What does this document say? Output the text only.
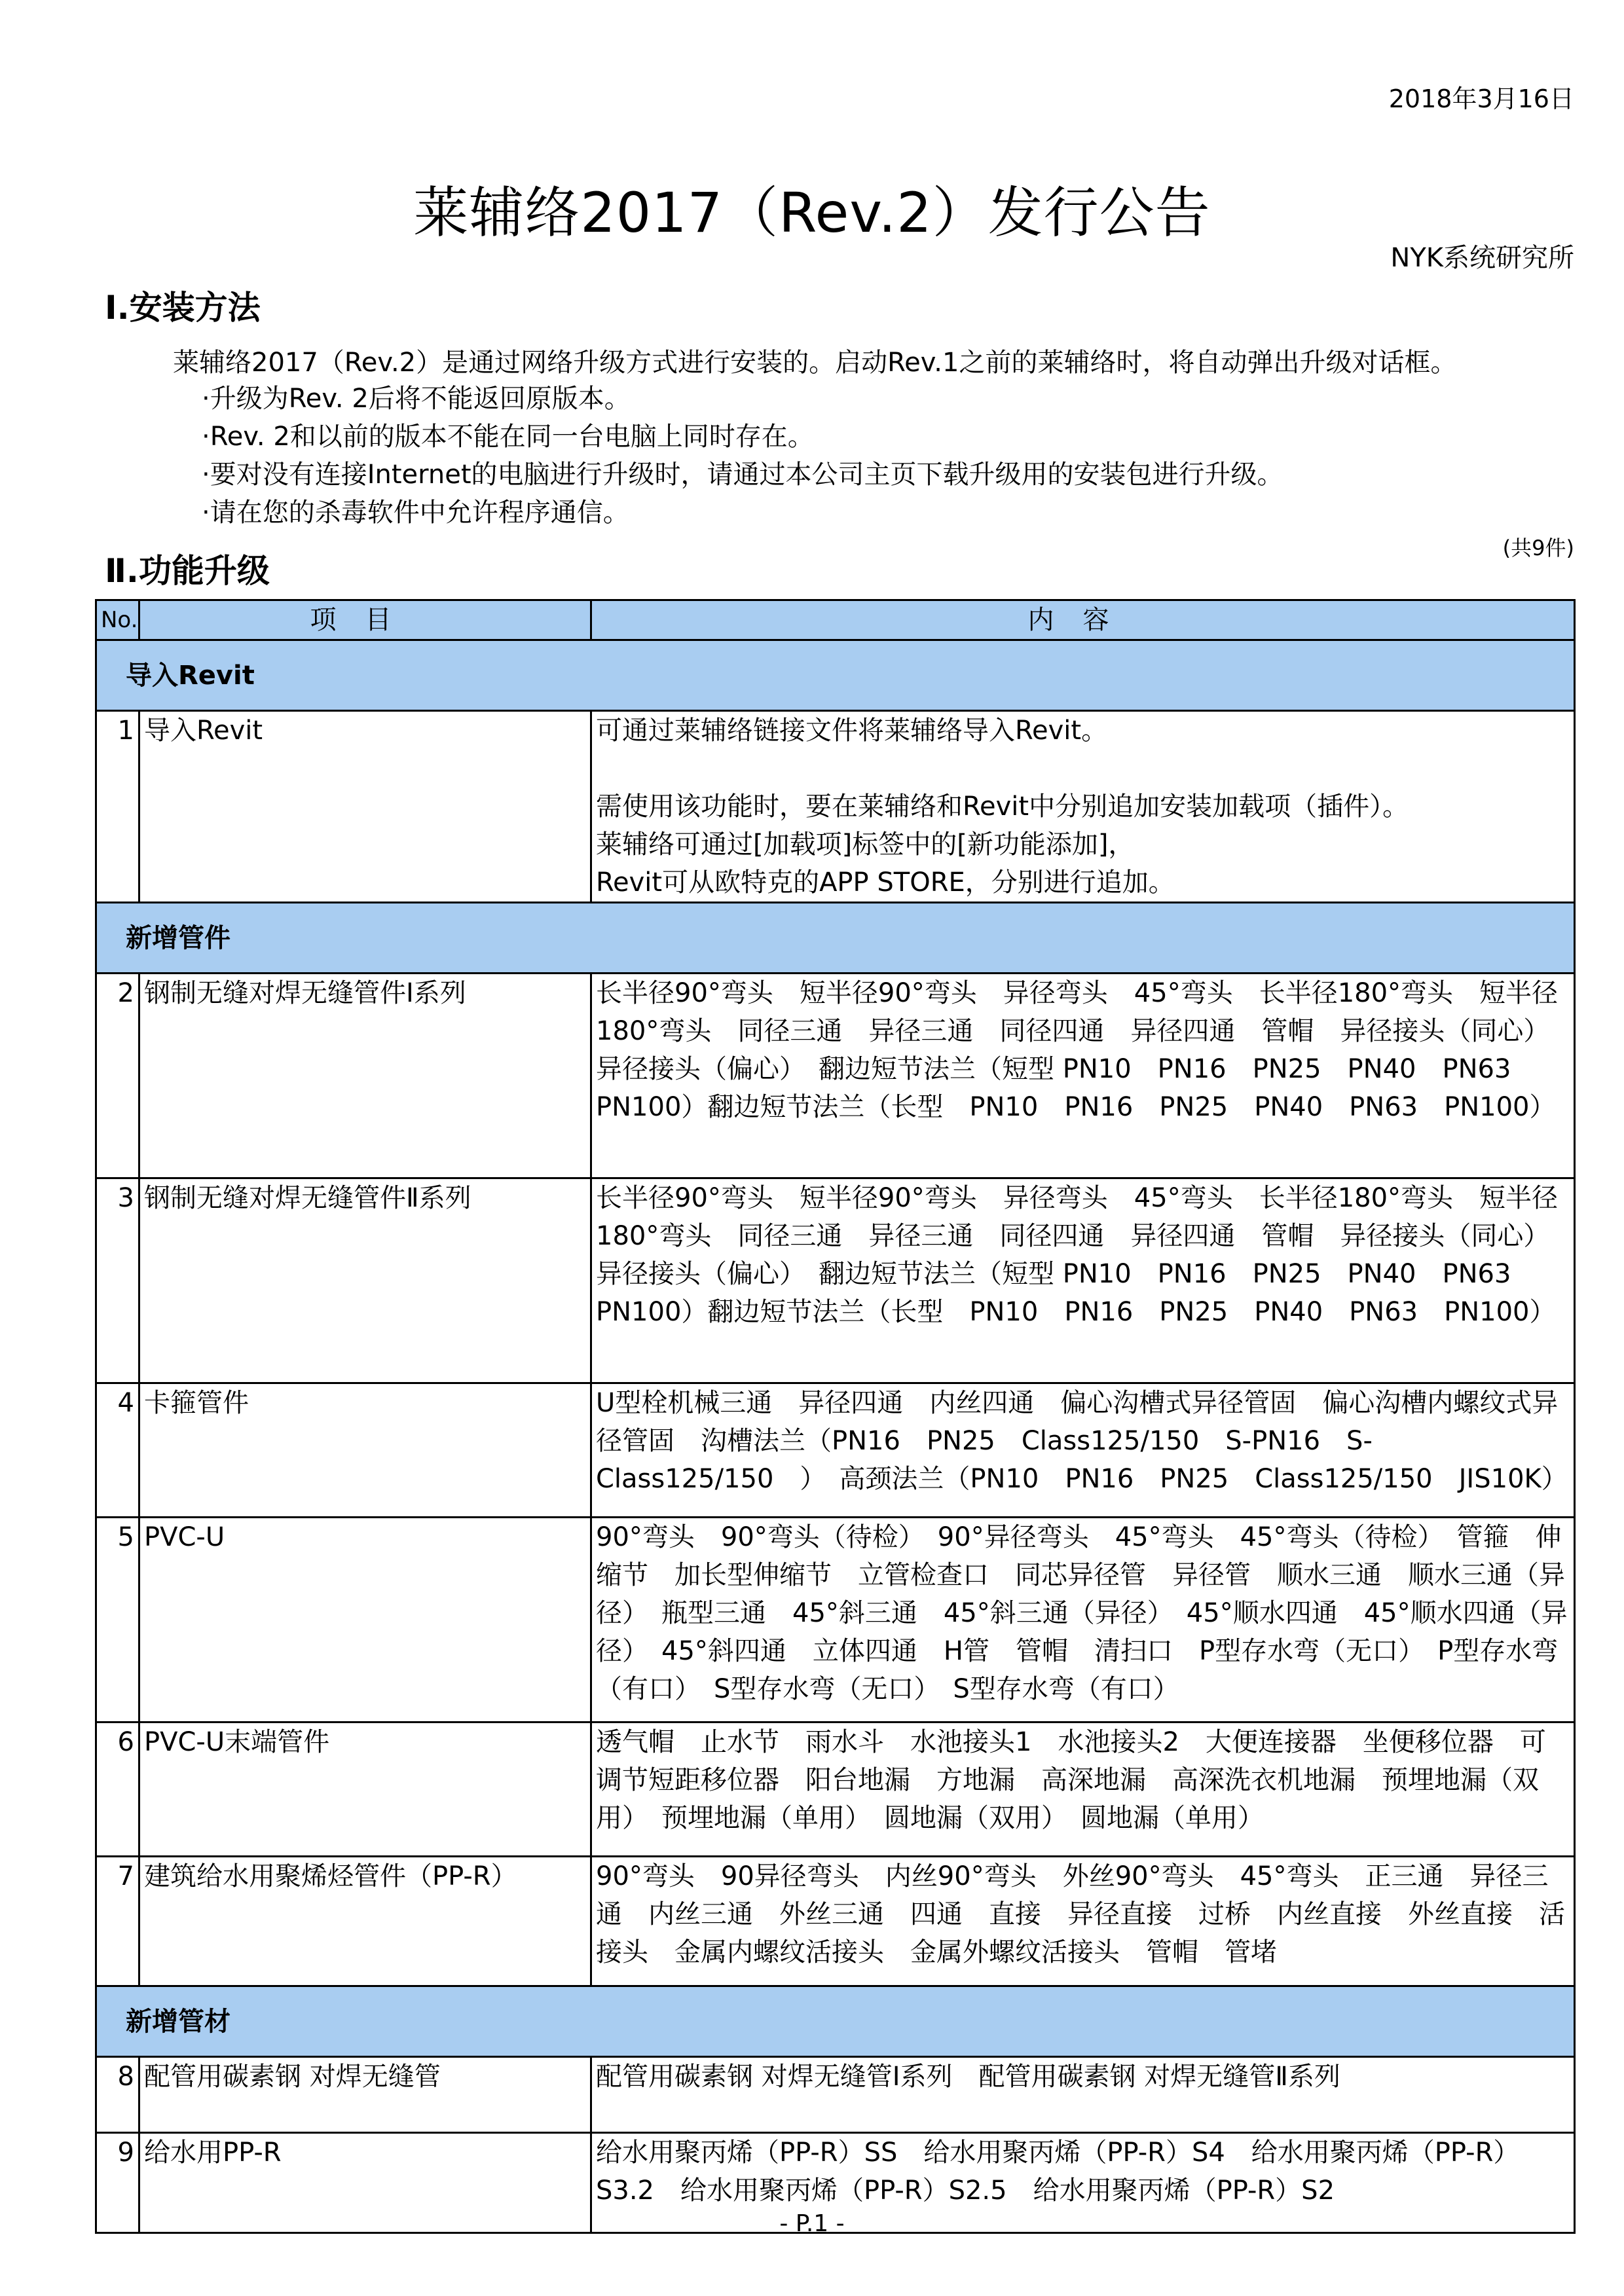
2018年3月16日
莱辅络2017（Rev.2）发行公告
NYK系统研究所
Ⅰ.安装方法
莱辅络2017（Rev.2）是通过网络升级方式进行安装的。启动Rev.1之前的莱辅络时，将自动弹出升级对话框。
·升级为Rev. 2后将不能返回原版本。
·Rev. 2和以前的版本不能在同一台电脑上同时存在。
·要对没有连接Internet的电脑进行升级时，请通过本公司主页下载升级用的安装包进行升级。
·请在您的杀毒软件中允许程序通信。
Ⅱ.功能升级
(共9件)
No.	项目	内容
导入Revit		
1	导入Revit	可通过莱辅络链接文件将莱辅络导入Revit。
需使用该功能时，要在莱辅络和Revit中分别追加安装加载项（插件）。
莱辅络可通过[加载项]标签中的[新功能添加]，
Revit可从欧特克的APP STORE，分别进行追加。

新增管件		
2	钢制无缝对焊无缝管件Ⅰ系列	长半径90°弯头　短半径90°弯头　异径弯头　45°弯头　长半径180°弯头　短半径180°弯头　同径三通　异径三通　同径四通　异径四通　管帽　异径接头（同心）　异径接头（偏心）　翻边短节法兰（短型 PN10　PN16　PN25　PN40　PN63　PN100）翻边短节法兰（长型　PN10　PN16　PN25　PN40　PN63　PN100）

3	钢制无缝对焊无缝管件Ⅱ系列	长半径90°弯头　短半径90°弯头　异径弯头　45°弯头　长半径180°弯头　短半径180°弯头　同径三通　异径三通　同径四通　异径四通　管帽　异径接头（同心）　异径接头（偏心）　翻边短节法兰（短型 PN10　PN16　PN25　PN40　PN63　PN100）翻边短节法兰（长型　PN10　PN16　PN25　PN40　PN63　PN100）

4	卡箍管件	U型栓机械三通　异径四通　内丝四通　偏心沟槽式异径管固　偏心沟槽内螺纹式异径管固　沟槽法兰（PN16　PN25　Class125/150　S-PN16　S-Class125/150　）　高颈法兰（PN10　PN16　PN25　Class125/150　JIS10K）

5	PVC-U	90°弯头　90°弯头（待检）　90°异径弯头　45°弯头　45°弯头（待检）　管箍　伸缩节　加长型伸缩节　立管检查口　同芯异径管　异径管　顺水三通　顺水三通（异径）　瓶型三通　45°斜三通　45°斜三通（异径）　45°顺水四通　45°顺水四通（异径）　45°斜四通　立体四通　H管　管帽　清扫口　P型存水弯（无口）　P型存水弯（有口）　S型存水弯（无口）　S型存水弯（有口）

6	PVC-U末端管件	透气帽　止水节　雨水斗　水池接头1　水池接头2　大便连接器　坐便移位器　可调节短距移位器　阳台地漏　方地漏　高深地漏　高深洗衣机地漏　预埋地漏（双用）　预埋地漏（单用）　圆地漏（双用）　圆地漏（单用）

7	建筑给水用聚烯烃管件（PP-R）	90°弯头　90异径弯头　内丝90°弯头　外丝90°弯头　45°弯头　正三通　异径三通　内丝三通　外丝三通　四通　直接　异径直接　过桥　内丝直接　外丝直接　活接头　金属内螺纹活接头　金属外螺纹活接头　管帽　管堵

新增管材		
8	配管用碳素钢 对焊无缝管	配管用碳素钢 对焊无缝管Ⅰ系列　配管用碳素钢 对焊无缝管Ⅱ系列

9	给水用PP-R	给水用聚丙烯（PP-R）SS　给水用聚丙烯（PP-R）S4　给水用聚丙烯（PP-R）S3.2　给水用聚丙烯（PP-R）S2.5　给水用聚丙烯（PP-R）S2
- P.1 -
